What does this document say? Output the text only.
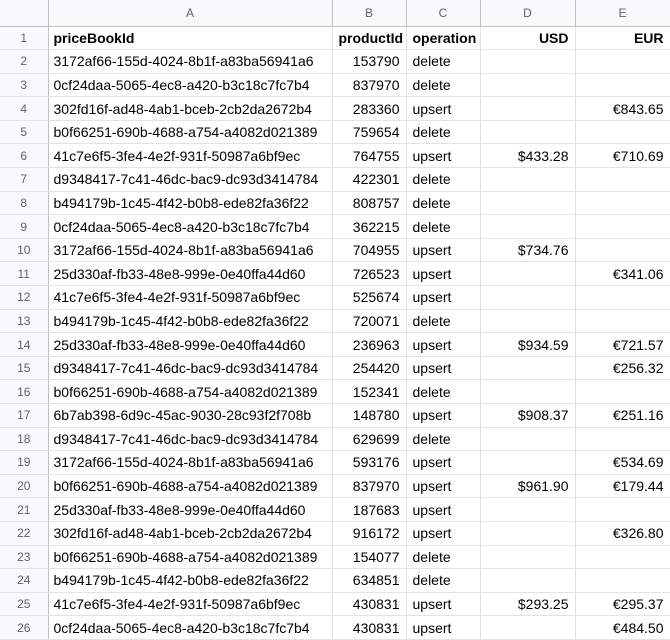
	A	B	C	D	E
1	priceBookId	productId	operation	USD	EUR
2	3172af66-155d-4024-8b1f-a83ba56941a6	153790	delete		
3	0cf24daa-5065-4ec8-a420-b3c18c7fc7b4	837970	delete		
4	302fd16f-ad48-4ab1-bceb-2cb2da2672b4	283360	upsert		€843.65
5	b0f66251-690b-4688-a754-a4082d021389	759654	delete		
6	41c7e6f5-3fe4-4e2f-931f-50987a6bf9ec	764755	upsert	$433.28	€710.69
7	d9348417-7c41-46dc-bac9-dc93d3414784	422301	delete		
8	b494179b-1c45-4f42-b0b8-ede82fa36f22	808757	delete		
9	0cf24daa-5065-4ec8-a420-b3c18c7fc7b4	362215	delete		
10	3172af66-155d-4024-8b1f-a83ba56941a6	704955	upsert	$734.76	
11	25d330af-fb33-48e8-999e-0e40ffa44d60	726523	upsert		€341.06
12	41c7e6f5-3fe4-4e2f-931f-50987a6bf9ec	525674	upsert		
13	b494179b-1c45-4f42-b0b8-ede82fa36f22	720071	delete		
14	25d330af-fb33-48e8-999e-0e40ffa44d60	236963	upsert	$934.59	€721.57
15	d9348417-7c41-46dc-bac9-dc93d3414784	254420	upsert		€256.32
16	b0f66251-690b-4688-a754-a4082d021389	152341	delete		
17	6b7ab398-6d9c-45ac-9030-28c93f2f708b	148780	upsert	$908.37	€251.16
18	d9348417-7c41-46dc-bac9-dc93d3414784	629699	delete		
19	3172af66-155d-4024-8b1f-a83ba56941a6	593176	upsert		€534.69
20	b0f66251-690b-4688-a754-a4082d021389	837970	upsert	$961.90	€179.44
21	25d330af-fb33-48e8-999e-0e40ffa44d60	187683	upsert		
22	302fd16f-ad48-4ab1-bceb-2cb2da2672b4	916172	upsert		€326.80
23	b0f66251-690b-4688-a754-a4082d021389	154077	delete		
24	b494179b-1c45-4f42-b0b8-ede82fa36f22	634851	delete		
25	41c7e6f5-3fe4-4e2f-931f-50987a6bf9ec	430831	upsert	$293.25	€295.37
26	0cf24daa-5065-4ec8-a420-b3c18c7fc7b4	430831	upsert		€484.50
